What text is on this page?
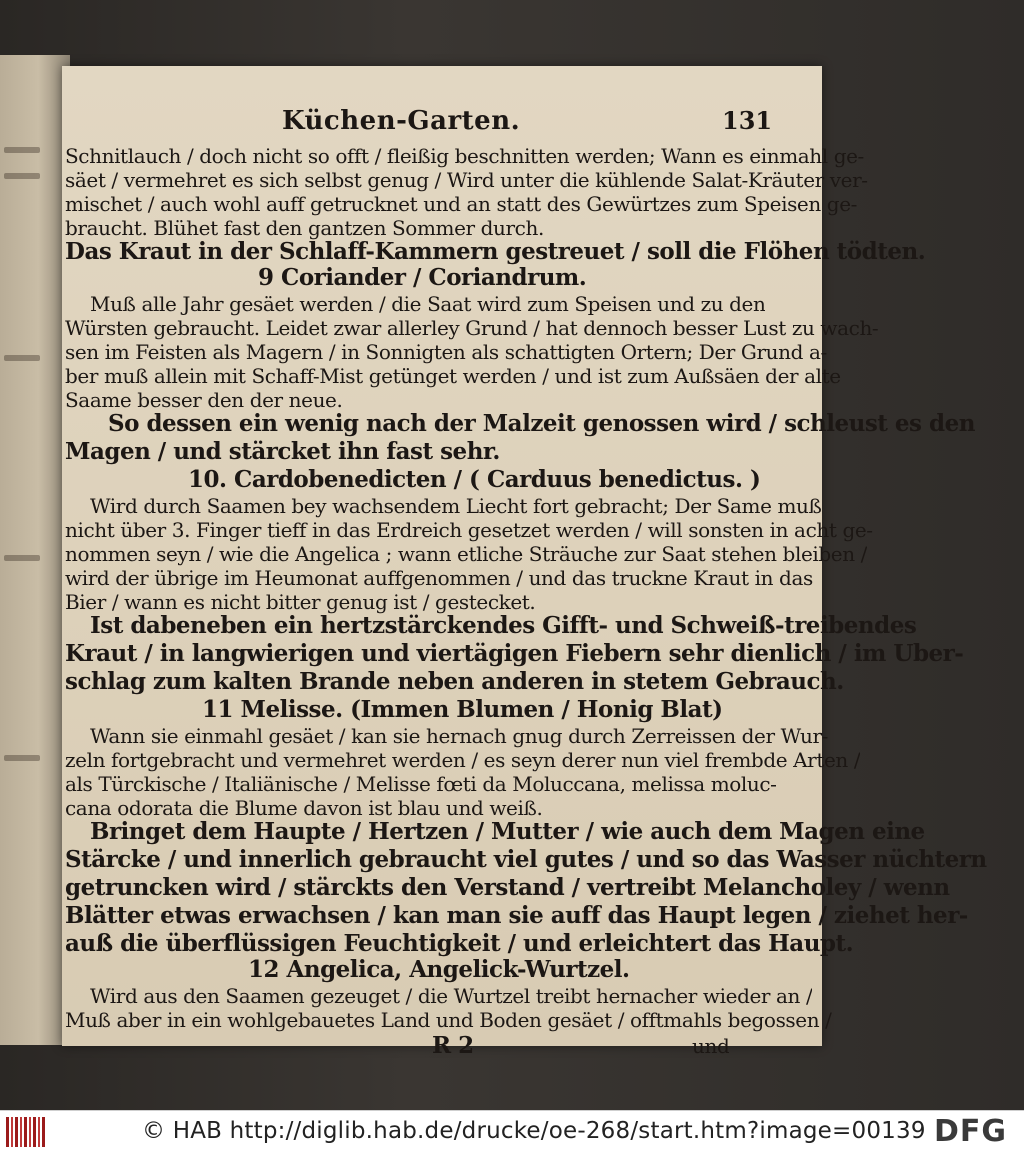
Küchen-Garten.	131
Schnitlauch / doch nicht so offt / fleißig beschnitten werden; Wann es einmahl ge-
säet / vermehret es sich selbst genug / Wird unter die kühlende Salat-Kräuter ver-
mischet / auch wohl auff getrucknet und an statt des Gewürtzes zum Speisen ge-
braucht. Blühet fast den gantzen Sommer durch.
Das Kraut in der Schlaff-Kammern gestreuet / soll die Flöhen tödten.
9 Coriander / Coriandrum.
Muß alle Jahr gesäet werden / die Saat wird zum Speisen und zu den
Würsten gebraucht. Leidet zwar allerley Grund / hat dennoch besser Lust zu wach-
sen im Feisten als Magern / in Sonnigten als schattigten Ortern; Der Grund a-
ber muß allein mit Schaff-Mist getünget werden / und ist zum Außsäen der alte
Saame besser den der neue.
So dessen ein wenig nach der Malzeit genossen wird / schleust es den
Magen / und stärcket ihn fast sehr.
10. Cardobenedicten / ( Carduus benedictus. )
Wird durch Saamen bey wachsendem Liecht fort gebracht; Der Same muß
nicht über 3. Finger tieff in das Erdreich gesetzet werden / will sonsten in acht ge-
nommen seyn / wie die Angelica ; wann etliche Sträuche zur Saat stehen bleiben /
wird der übrige im Heumonat auffgenommen / und das truckne Kraut in das
Bier / wann es nicht bitter genug ist / gestecket.
Ist dabeneben ein hertzstärckendes Gifft- und Schweiß-treibendes
Kraut / in langwierigen und viertägigen Fiebern sehr dienlich / im Uber-
schlag zum kalten Brande neben anderen in stetem Gebrauch.
11 Melisse. (Immen Blumen / Honig Blat)
Wann sie einmahl gesäet / kan sie hernach gnug durch Zerreissen der Wur-
zeln fortgebracht und vermehret werden / es seyn derer nun viel frembde Arten /
als Türckische / Italiänische / Melisse fœti da Moluccana, melissa moluc-
cana odorata die Blume davon ist blau und weiß.
Bringet dem Haupte / Hertzen / Mutter / wie auch dem Magen eine
Stärcke / und innerlich gebraucht viel gutes / und so das Wasser nüchtern
getruncken wird / stärckts den Verstand / vertreibt Melancholey / wenn
Blätter etwas erwachsen / kan man sie auff das Haupt legen / ziehet her-
auß die überflüssigen Feuchtigkeit / und erleichtert das Haupt.
12 Angelica, Angelick-Wurtzel.
Wird aus den Saamen gezeuget / die Wurtzel treibt hernacher wieder an /
Muß aber in ein wohlgebauetes Land und Boden gesäet / offtmahls begossen /
R 2	und
© HAB http://diglib.hab.de/drucke/oe-268/start.htm?image=00139 DFG
